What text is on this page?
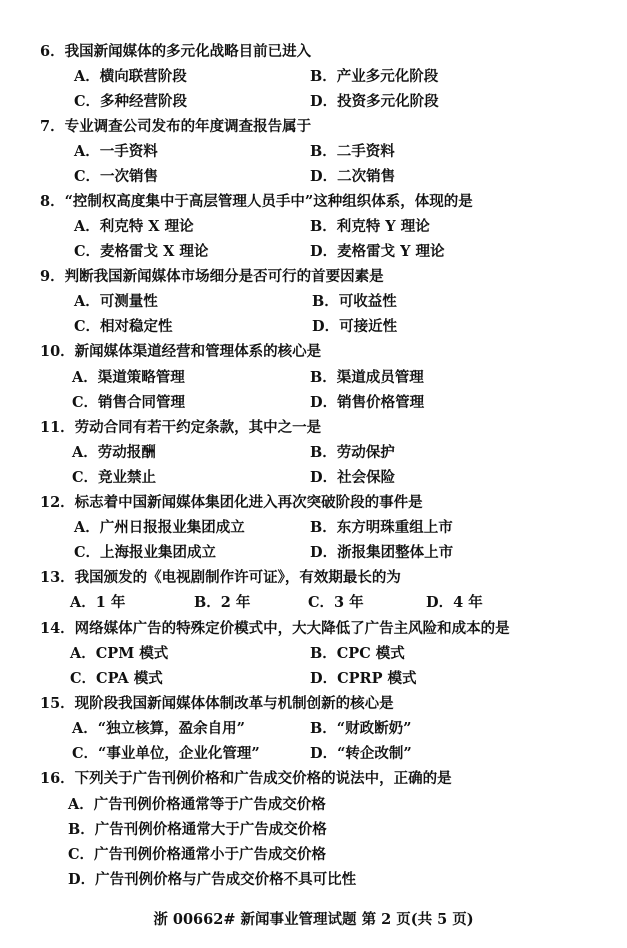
6．我国新闻媒体的多元化战略目前已进入
A．横向联营阶段	B．产业多元化阶段
C．多种经营阶段	D．投资多元化阶段
7．专业调查公司发布的年度调查报告属于
A．一手资料	B．二手资料
C．一次销售	D．二次销售
8．“控制权高度集中于高层管理人员手中”这种组织体系，体现的是
A．利克特 X 理论	B．利克特 Y 理论
C．麦格雷戈 X 理论	D．麦格雷戈 Y 理论
9．判断我国新闻媒体市场细分是否可行的首要因素是
A．可测量性	B．可收益性
C．相对稳定性	D．可接近性
10．新闻媒体渠道经营和管理体系的核心是
A．渠道策略管理	B．渠道成员管理
C．销售合同管理	D．销售价格管理
11．劳动合同有若干约定条款，其中之一是
A．劳动报酬	B．劳动保护
C．竞业禁止	D．社会保险
12．标志着中国新闻媒体集团化进入再次突破阶段的事件是
A．广州日报报业集团成立	B．东方明珠重组上市
C．上海报业集团成立	D．浙报集团整体上市
13．我国颁发的《电视剧制作许可证》，有效期最长的为
A．1 年	B．2 年	C．3 年	D．4 年
14．网络媒体广告的特殊定价模式中，大大降低了广告主风险和成本的是
A．CPM 模式	B．CPC 模式
C．CPA 模式	D．CPRP 模式
15．现阶段我国新闻媒体体制改革与机制创新的核心是
A．“独立核算，盈余自用”	B．“财政断奶”
C．“事业单位，企业化管理”	D．“转企改制”
16．下列关于广告刊例价格和广告成交价格的说法中，正确的是
A．广告刊例价格通常等于广告成交价格
B．广告刊例价格通常大于广告成交价格
C．广告刊例价格通常小于广告成交价格
D．广告刊例价格与广告成交价格不具可比性
浙 00662# 新闻事业管理试题 第 2 页(共 5 页)
